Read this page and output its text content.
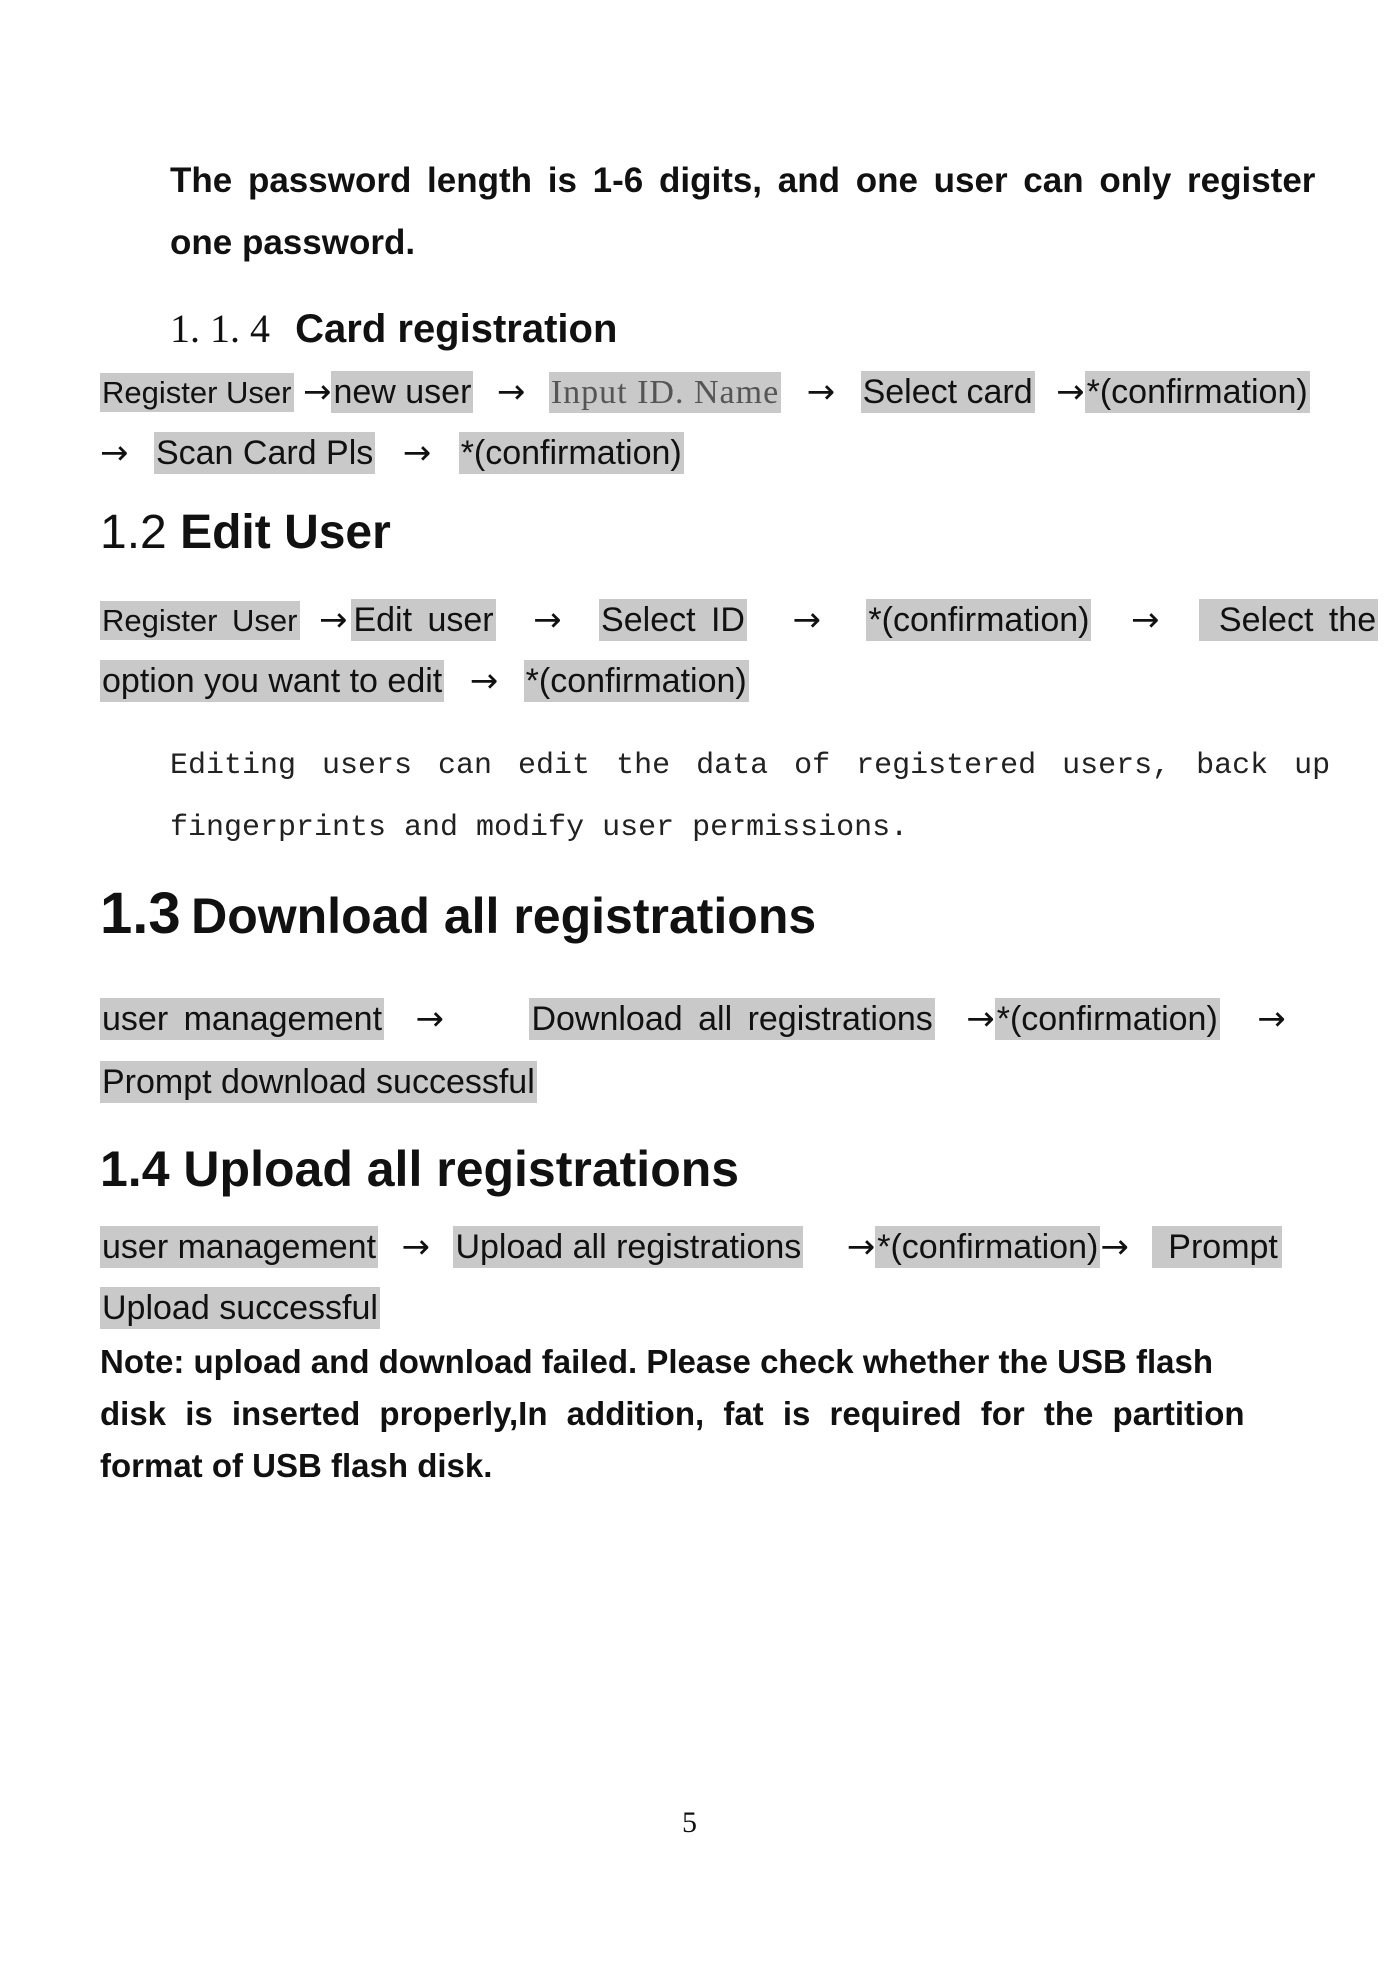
The password length is 1-6 digits, and one user can only register
one password.
1. 1. 4 Card registration
Register User →new user → Input ID. Name → Select card →*(confirmation)
→ Scan Card Pls → *(confirmation)
1.2 Edit User
Register User → Edit user → Select ID → *(confirmation) → Select the
option you want to edit → *(confirmation)
Editing users can edit the data of registered users, back up
fingerprints and modify user permissions.
1.3 Download all registrations
user management →	Download all registrations →*(confirmation) →
Prompt download successful
1.4 Upload all registrations
user management → Upload all registrations →*(confirmation)→ Prompt
Upload successful
Note: upload and download failed. Please check whether the USB flash
disk is inserted properly,In addition, fat is required for the partition
format of USB flash disk.
5
